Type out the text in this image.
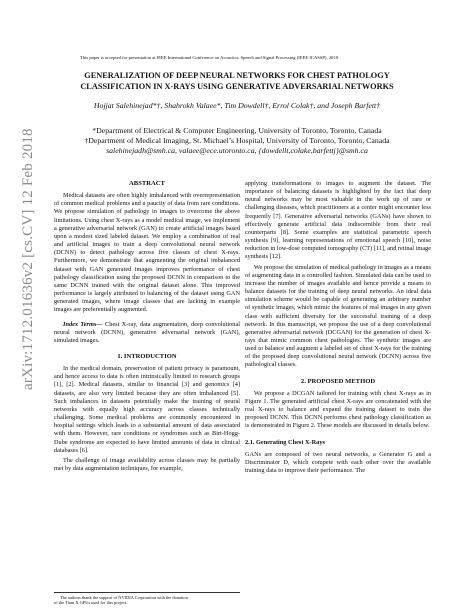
This paper is accepted for presentation at IEEE International Conference on Acoustics, Speech and Signal Processing (IEEE ICASSP), 2018.
arXiv:1712.01636v2 [cs.CV] 12 Feb 2018
GENERALIZATION OF DEEP NEURAL NETWORKS FOR CHEST PATHOLOGY
CLASSIFICATION IN X-RAYS USING GENERATIVE ADVERSARIAL NETWORKS
Hojjat Salehinejad*†, Shahrokh Valaee*, Tim Dowdell†, Errol Colak†, and Joseph Barfett†
*Department of Electrical & Computer Engineering, University of Toronto, Toronto, Canada
†Department of Medical Imaging, St. Michael’s Hospital, University of Toronto, Toronto, Canada
salehinejadh@smh.ca, valaee@ece.utoronto.ca, {dowdellt,colake,barfettj}@smh.ca
ABSTRACT

Medical datasets are often highly imbalanced with overrepresentation of common medical problems and a paucity of data from rare conditions. We propose simulation of pathology in images to overcome the above limitations. Using chest X-rays as a model medical image, we implement a generative adversarial network (GAN) to create artificial images based upon a modest sized labeled dataset. We employ a combination of real and artificial images to train a deep convolutional neural network (DCNN) to detect pathology across five classes of chest X-rays. Furthermore, we demonstrate that augmenting the original imbalanced dataset with GAN generated images improves performance of chest pathology classification using the proposed DCNN in comparison to the same DCNN trained with the original dataset alone. This improved performance is largely attributed to balancing of the dataset using GAN generated images, where image classes that are lacking in example images are preferentially augmented.

Index Terms— Chest X-ray, data augmentation, deep convolutional neural network (DCNN), generative adversarial network (GAN), simulated images.

1. INTRODUCTION

In the medical domain, preservation of patient privacy is paramount, and hence access to data is often intrinsically limited to research groups [1], [2]. Medical datasets, similar to financial [3] and genomics [4] datasets, are also very limited because they are often imbalanced [5]. Such imbalances in datasets potentially make the training of neural networks with equally high accuracy across classes technically challenging. Some medical problems are commonly encountered in hospital settings which leads to a substantial amount of data associated with them. However, rare conditions or syndromes such as Birt-Hogg-Dube syndrome are expected to have limited amounts of data in clinical databases [6].

The challenge of image availability across classes may be partially met by data augmentation techniques, for example,

applying transformations to images to augment the dataset. The importance of balancing datasets is highlighted by the fact that deep neural networks may be most valuable in the work up of rare or challenging diseases, which practitioners at a center might encounter less frequently [7]. Generative adversarial networks (GANs) have shown to effectively generate artificial data indiscernible from their real counterparts [8]. Some examples are statistical parametric speech synthesis [9], learning representations of emotional speech [10], noise reduction in low-dose computed tomography (CT) [11], and retinal image synthesis [12].

We propose the simulation of medical pathology in images as a means of augmenting data in a controlled fashion. Simulated data can be used to increase the number of images available and hence provide a means to balance datasets for the training of deep neural networks. An ideal data simulation scheme would be capable of generating an arbitrary number of synthetic images, which mimic the features of real images in any given class with sufficient diversity for the successful training of a deep network. In this manuscript, we propose the use of a deep convolutional generative adversarial network (DCGAN) for the generation of chest X-rays that mimic common chest pathologies. The synthetic images are used to balance and augment a labeled set of chest X-rays for the training of the proposed deep convolutional neural network (DCNN) across five pathological classes.

2. PROPOSED METHOD

We propose a DCGAN tailored for training with chest X-rays as in Figure 1. The generated artificial chest X-rays are concatenated with the real X-rays to balance and expand the training dataset to train the proposed DCNN. This DCNN performs chest pathology classification as is demonstrated in Figure 2. These models are discussed in details below.

2.1. Generating Chest X-Rays

GANs are composed of two neural networks, a Generator G and a Discriminator D, which compete with each other over the available training data to improve their performance. The

The authors thank the support of NVIDIA Corporation with the donation
of the Titan X GPUs used for this project.
